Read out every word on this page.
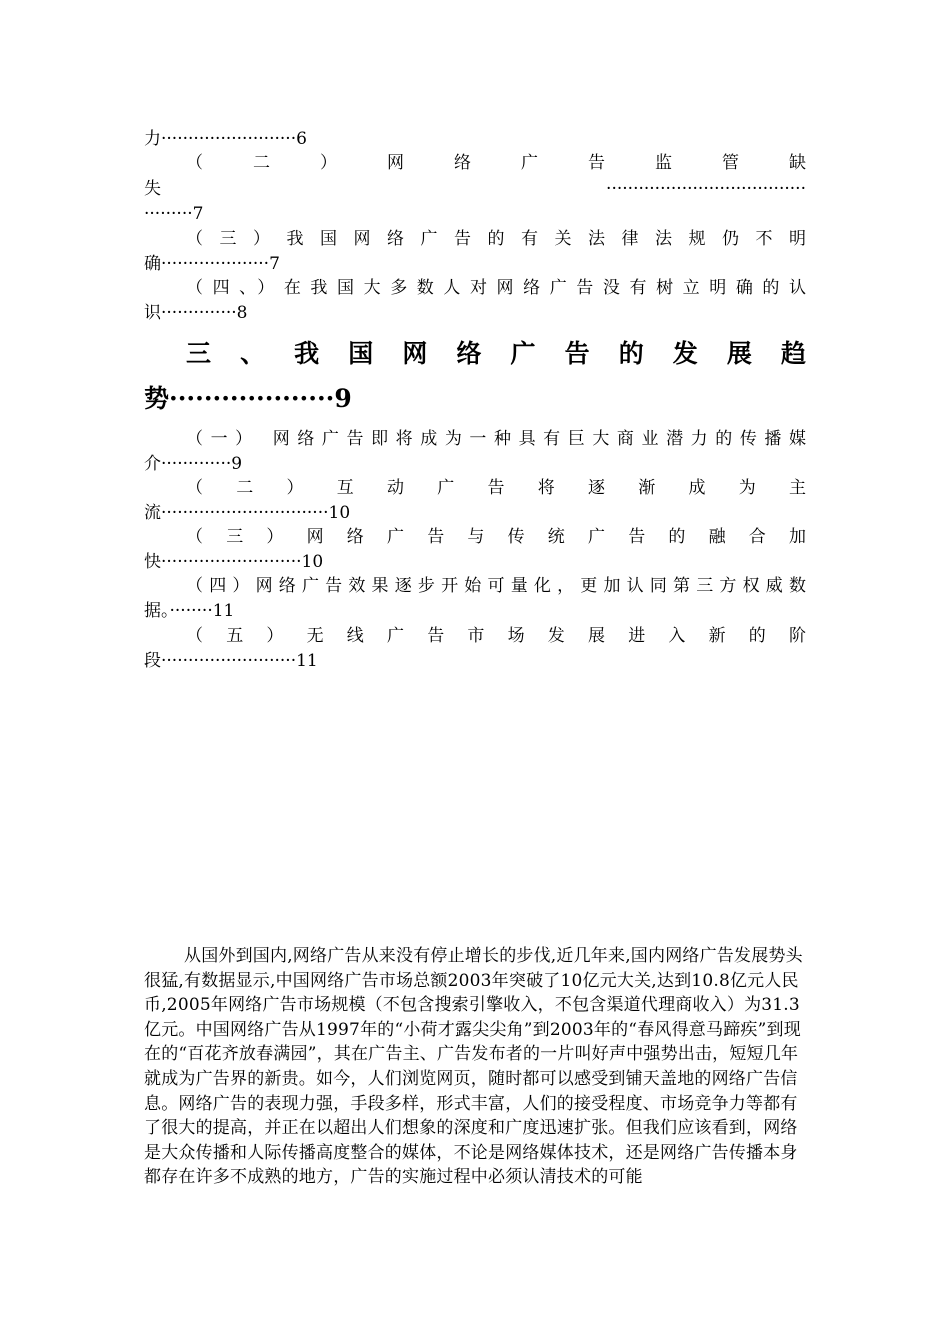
力·························6
（ 二 ） 网 络 广 告 监 管 缺
失 ·····································
·········7
（三）我国网络广告的有关法律法规仍不明
确····················7
（四、）在我国大多数人对网络广告没有树立明确的认
识··············8
三、我国网络广告的发展趋
势···················9
（一） 网络广告即将成为一种具有巨大商业潜力的传播媒
介·············9
（ 二 ） 互 动 广 告 将 逐 渐 成 为 主
流·······························10
（ 三 ） 网 络 广 告 与 传 统 广 告 的 融 合 加
快··························10
（四）网络广告效果逐步开始可量化，更加认同第三方权威数
据。········11
（ 五 ） 无 线 广 告 市 场 发 展 进 入 新 的 阶
段·························11
从国外到国内,网络广告从来没有停止增长的步伐,近几年来,国内网络广告发展势头很猛,有数据显示,中国网络广告市场总额2003年突破了10亿元大关,达到10.8亿元人民币,2005年网络广告市场规模（不包含搜索引擎收入，不包含渠道代理商收入）为31.3亿元。中国网络广告从1997年的“小荷才露尖尖角”到2003年的“春风得意马蹄疾”到现在的“百花齐放春满园”，其在广告主、广告发布者的一片叫好声中强势出击，短短几年就成为广告界的新贵。如今，人们浏览网页，随时都可以感受到铺天盖地的网络广告信息。网络广告的表现力强，手段多样，形式丰富，人们的接受程度、市场竞争力等都有了很大的提高，并正在以超出人们想象的深度和广度迅速扩张。但我们应该看到，网络是大众传播和人际传播高度整合的媒体，不论是网络媒体技术，还是网络广告传播本身都存在许多不成熟的地方，广告的实施过程中必须认清技术的可能
